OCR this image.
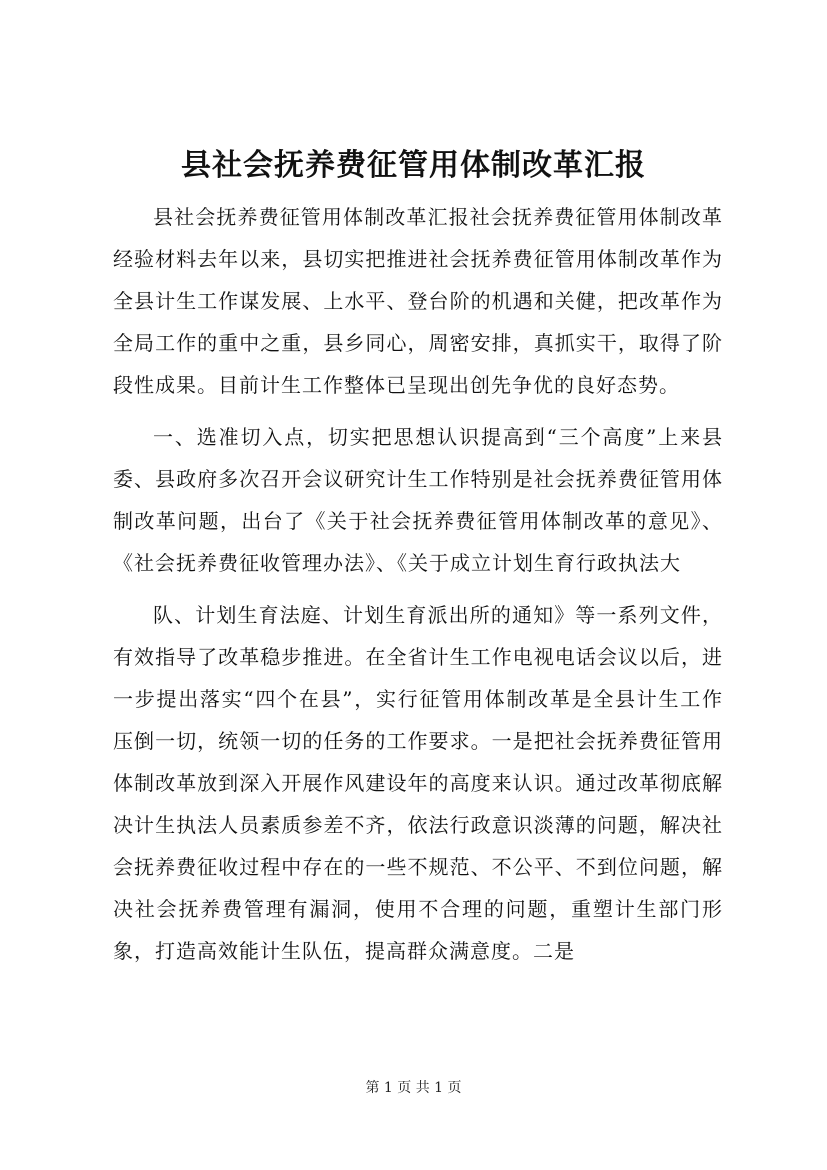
县社会抚养费征管用体制改革汇报

县社会抚养费征管用体制改革汇报社会抚养费征管用体制改革经验材料去年以来，县切实把推进社会抚养费征管用体制改革作为全县计生工作谋发展、上水平、登台阶的机遇和关健，把改革作为全局工作的重中之重，县乡同心，周密安排，真抓实干，取得了阶段性成果。目前计生工作整体已呈现出创先争优的良好态势。

一、选准切入点，切实把思想认识提高到“三个高度”上来县委、县政府多次召开会议研究计生工作特别是社会抚养费征管用体制改革问题，出台了《关于社会抚养费征管用体制改革的意见》、《社会抚养费征收管理办法》、《关于成立计划生育行政执法大

队、计划生育法庭、计划生育派出所的通知》等一系列文件，有效指导了改革稳步推进。在全省计生工作电视电话会议以后，进一步提出落实“四个在县”，实行征管用体制改革是全县计生工作压倒一切，统领一切的任务的工作要求。一是把社会抚养费征管用体制改革放到深入开展作风建设年的高度来认识。通过改革彻底解决计生执法人员素质参差不齐，依法行政意识淡薄的问题，解决社会抚养费征收过程中存在的一些不规范、不公平、不到位问题，解决社会抚养费管理有漏洞，使用不合理的问题，重塑计生部门形象，打造高效能计生队伍，提高群众满意度。二是

第 1 页 共 1 页
